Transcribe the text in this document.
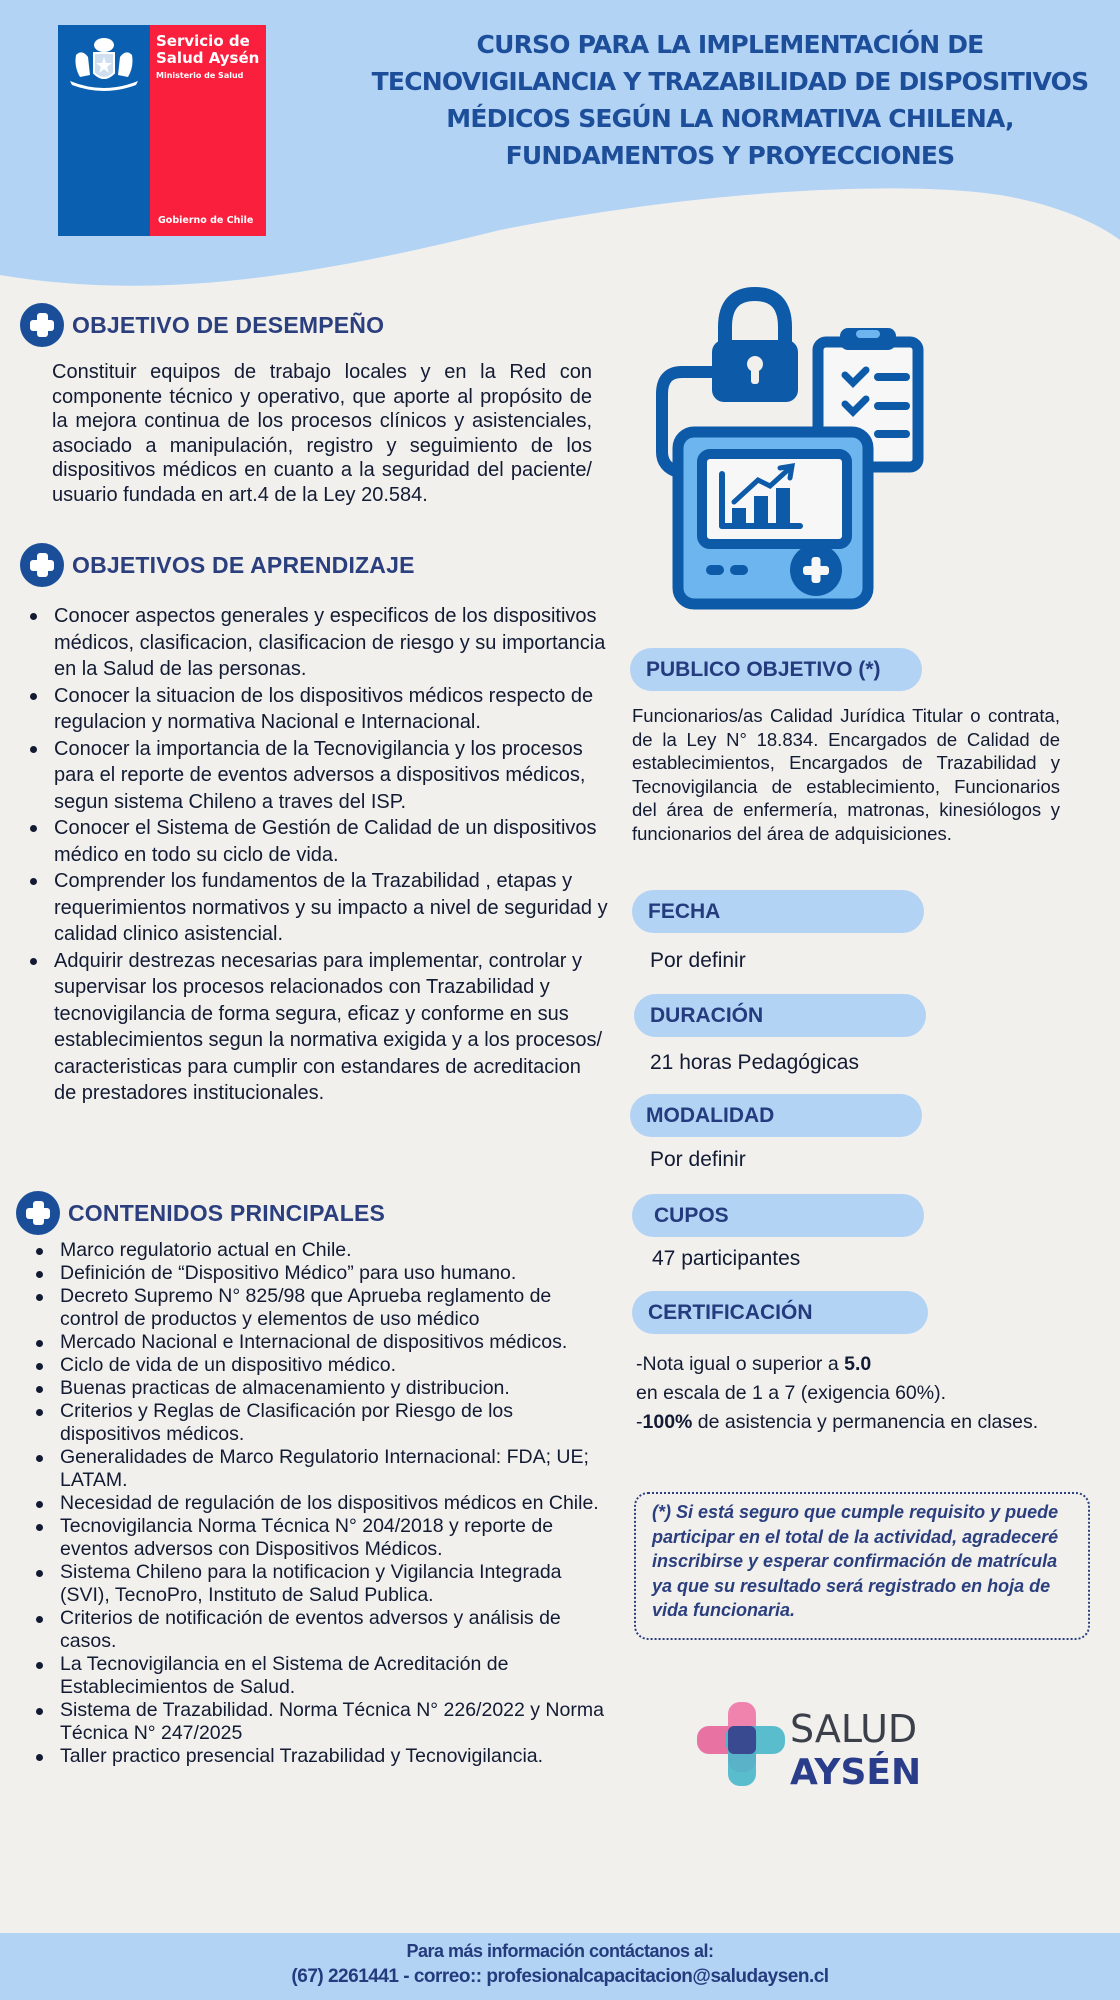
Servicio de Salud Aysén
Ministerio de Salud
Gobierno de Chile
CURSO PARA LA IMPLEMENTACIÓN DE TECNOVIGILANCIA Y TRAZABILIDAD DE DISPOSITIVOS MÉDICOS SEGÚN LA NORMATIVA CHILENA, FUNDAMENTOS Y PROYECCIONES
OBJETIVO DE DESEMPEÑO

Constituir equipos de trabajo locales y en la Red con componente técnico y operativo, que aporte al propósito de la mejora continua de los procesos clínicos y asistenciales, asociado a manipulación, registro y seguimiento de los dispositivos médicos en cuanto a la seguridad del paciente/ usuario fundada en art.4 de la Ley 20.584.

OBJETIVOS DE APRENDIZAJE
Conocer aspectos generales y especificos de los dispositivos médicos, clasificacion, clasificacion de riesgo y su importancia en la Salud de las personas.
Conocer la situacion de los dispositivos médicos respecto de regulacion y normativa Nacional e Internacional.
Conocer la importancia de la Tecnovigilancia y los procesos para el reporte de eventos adversos a dispositivos médicos, segun sistema Chileno a traves del ISP.
Conocer el Sistema de Gestión de Calidad de un dispositivos médico en todo su ciclo de vida.
Comprender los fundamentos de la Trazabilidad , etapas y requerimientos normativos y su impacto a nivel de seguridad y calidad clinico asistencial.
Adquirir destrezas necesarias para implementar, controlar y supervisar los procesos relacionados con Trazabilidad y tecnovigilancia de forma segura, eficaz y conforme en sus establecimientos segun la normativa exigida y a los procesos/ caracteristicas para cumplir con estandares de acreditacion de prestadores institucionales.
CONTENIDOS PRINCIPALES
Marco regulatorio actual en Chile.
Definición de “Dispositivo Médico” para uso humano.
Decreto Supremo N° 825/98 que Aprueba reglamento de control de productos y elementos de uso médico
Mercado Nacional e Internacional de dispositivos médicos.
Ciclo de vida de un dispositivo médico.
Buenas practicas de almacenamiento y distribucion.
Criterios y Reglas de Clasificación por Riesgo de los dispositivos médicos.
Generalidades de Marco Regulatorio Internacional: FDA; UE; LATAM.
Necesidad de regulación de los dispositivos médicos en Chile.
Tecnovigilancia Norma Técnica N° 204/2018 y reporte de eventos adversos con Dispositivos Médicos.
Sistema Chileno para la notificacion y Vigilancia Integrada (SVI), TecnoPro, Instituto de Salud Publica.
Criterios de notificación de eventos adversos y análisis de casos.
La Tecnovigilancia en el Sistema de Acreditación de Establecimientos de Salud.
Sistema de Trazabilidad. Norma Técnica N° 226/2022 y Norma Técnica N° 247/2025
Taller practico presencial Trazabilidad y Tecnovigilancia.
PUBLICO OBJETIVO (*)

Funcionarios/as Calidad Jurídica Titular o contrata, de la Ley N° 18.834. Encargados de Calidad de establecimientos, Encargados de Trazabilidad y Tecnovigilancia de establecimiento, Funcionarios del área de enfermería, matronas, kinesiólogos y funcionarios del área de adquisiciones.

FECHA
Por definir
DURACIÓN
21 horas Pedagógicas
MODALIDAD
Por definir
CUPOS
47 participantes
CERTIFICACIÓN
-Nota igual o superior a 5.0
en escala de 1 a 7 (exigencia 60%).
-100% de asistencia y permanencia en clases.
(*) Si está seguro que cumple requisito y puede participar en el total de la actividad, agradeceré inscribirse y esperar confirmación de matrícula ya que su resultado será registrado en hoja de vida funcionaria.
SALUD
AYSÉN
Para más información contáctanos al:
(67) 2261441 - correo:: profesionalcapacitacion@saludaysen.cl
